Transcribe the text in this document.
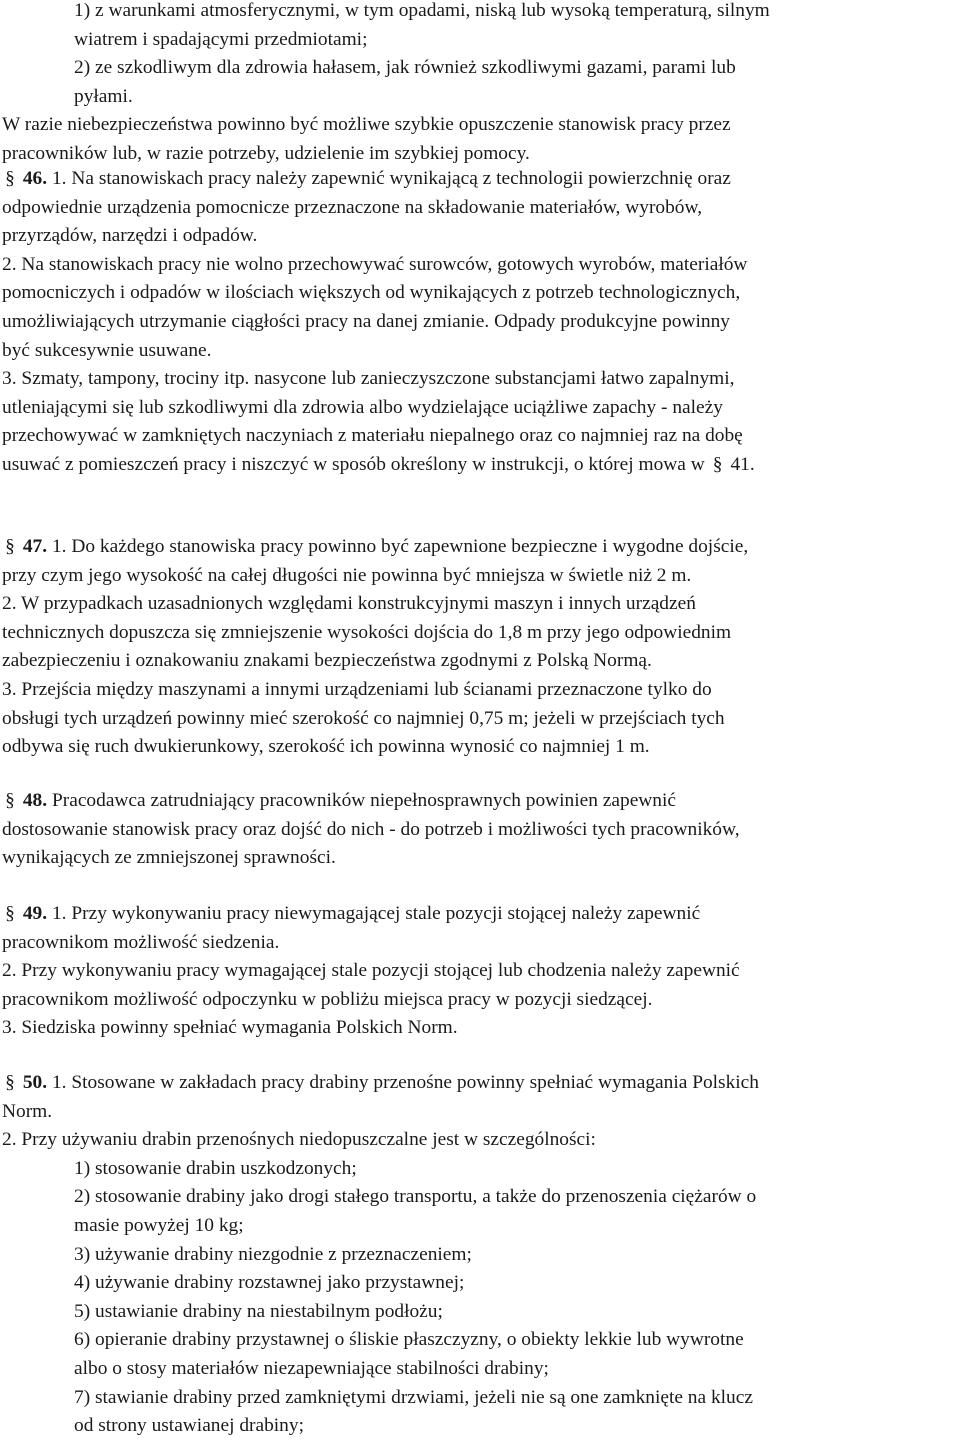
1) z warunkami atmosferycznymi, w tym opadami, niską lub wysoką temperaturą, silnym
wiatrem i spadającymi przedmiotami;
2) ze szkodliwym dla zdrowia hałasem, jak również szkodliwymi gazami, parami lub
pyłami.
W razie niebezpieczeństwa powinno być możliwe szybkie opuszczenie stanowisk pracy przez
pracowników lub, w razie potrzeby, udzielenie im szybkiej pomocy.
§ 46. 1. Na stanowiskach pracy należy zapewnić wynikającą z technologii powierzchnię oraz
odpowiednie urządzenia pomocnicze przeznaczone na składowanie materiałów, wyrobów,
przyrządów, narzędzi i odpadów.
2. Na stanowiskach pracy nie wolno przechowywać surowców, gotowych wyrobów, materiałów
pomocniczych i odpadów w ilościach większych od wynikających z potrzeb technologicznych,
umożliwiających utrzymanie ciągłości pracy na danej zmianie. Odpady produkcyjne powinny
być sukcesywnie usuwane.
3. Szmaty, tampony, trociny itp. nasycone lub zanieczyszczone substancjami łatwo zapalnymi,
utleniającymi się lub szkodliwymi dla zdrowia albo wydzielające uciążliwe zapachy - należy
przechowywać w zamkniętych naczyniach z materiału niepalnego oraz co najmniej raz na dobę
usuwać z pomieszczeń pracy i niszczyć w sposób określony w instrukcji, o której mowa w § 41.
§ 47. 1. Do każdego stanowiska pracy powinno być zapewnione bezpieczne i wygodne dojście,
przy czym jego wysokość na całej długości nie powinna być mniejsza w świetle niż 2 m.
2. W przypadkach uzasadnionych względami konstrukcyjnymi maszyn i innych urządzeń
technicznych dopuszcza się zmniejszenie wysokości dojścia do 1,8 m przy jego odpowiednim
zabezpieczeniu i oznakowaniu znakami bezpieczeństwa zgodnymi z Polską Normą.
3. Przejścia między maszynami a innymi urządzeniami lub ścianami przeznaczone tylko do
obsługi tych urządzeń powinny mieć szerokość co najmniej 0,75 m; jeżeli w przejściach tych
odbywa się ruch dwukierunkowy, szerokość ich powinna wynosić co najmniej 1 m.
§ 48. Pracodawca zatrudniający pracowników niepełnosprawnych powinien zapewnić
dostosowanie stanowisk pracy oraz dojść do nich - do potrzeb i możliwości tych pracowników,
wynikających ze zmniejszonej sprawności.
§ 49. 1. Przy wykonywaniu pracy niewymagającej stale pozycji stojącej należy zapewnić
pracownikom możliwość siedzenia.
2. Przy wykonywaniu pracy wymagającej stale pozycji stojącej lub chodzenia należy zapewnić
pracownikom możliwość odpoczynku w pobliżu miejsca pracy w pozycji siedzącej.
3. Siedziska powinny spełniać wymagania Polskich Norm.
§ 50. 1. Stosowane w zakładach pracy drabiny przenośne powinny spełniać wymagania Polskich
Norm.
2. Przy używaniu drabin przenośnych niedopuszczalne jest w szczególności:
1) stosowanie drabin uszkodzonych;
2) stosowanie drabiny jako drogi stałego transportu, a także do przenoszenia ciężarów o
masie powyżej 10 kg;
3) używanie drabiny niezgodnie z przeznaczeniem;
4) używanie drabiny rozstawnej jako przystawnej;
5) ustawianie drabiny na niestabilnym podłożu;
6) opieranie drabiny przystawnej o śliskie płaszczyzny, o obiekty lekkie lub wywrotne
albo o stosy materiałów niezapewniające stabilności drabiny;
7) stawianie drabiny przed zamkniętymi drzwiami, jeżeli nie są one zamknięte na klucz
od strony ustawianej drabiny;
